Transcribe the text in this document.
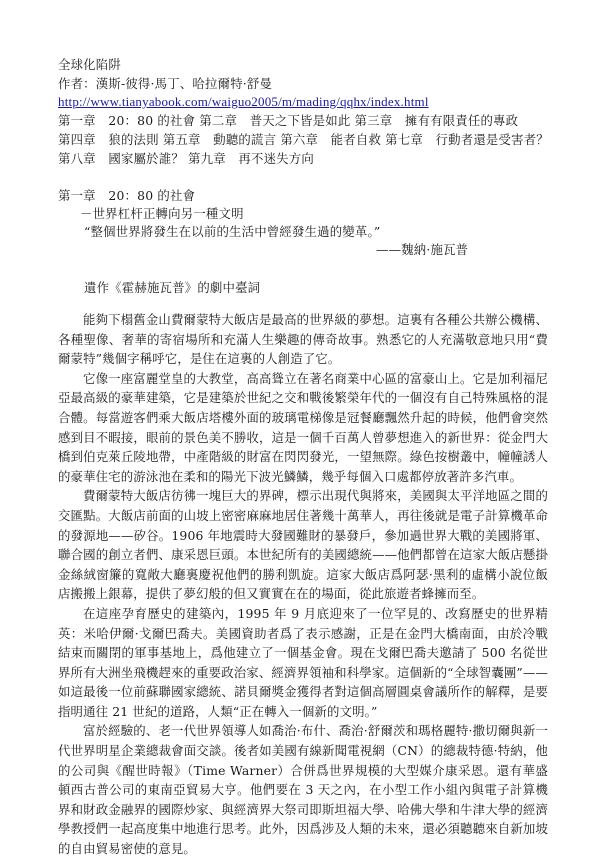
全球化陷阱
作者：漢斯-彼得·馬丁、哈拉爾特·舒曼
http://www.tianyabook.com/waiguo2005/m/mading/qqhx/index.html
第一章　20：80 的社會 第二章　普天之下皆是如此 第三章　擁有有限責任的專政
第四章　狼的法則 第五章　動聽的謊言 第六章　能者自救 第七章　行動者還是受害者？
第八章　國家屬於誰？ 第九章　再不迷失方向
第一章　20：80 的社會
－世界杠杆正轉向另一種文明
“整個世界將發生在以前的生活中曾經發生過的變革。”
——魏納·施瓦普
遺作《霍赫施瓦普》的劇中臺詞

能夠下榻舊金山費爾蒙特大飯店是最高的世界級的夢想。這裏有各種公共辦公機構、各種聖像、奢華的寄宿場所和充滿人生樂趣的傳奇故事。熟悉它的人充滿敬意地只用“費爾蒙特”幾個字稱呼它，是住在這裏的人創造了它。

它像一座富麗堂皇的大教堂，高高聳立在著名商業中心區的富豪山上。它是加利福尼亞最高級的豪華建築，它是建築於世紀之交和戰後繁榮年代的一個沒有自己特殊風格的混合體。每當遊客們乘大飯店塔樓外面的玻璃電梯像是冠餐廳飄然升起的時候，他們會突然感到目不暇接，眼前的景色美不勝收，這是一個千百萬人曾夢想進入的新世界：從金門大橋到伯克萊丘陵地帶，中產階級的財富在閃閃發光，一望無際。綠色按樹叢中，幢幢誘人的豪華住宅的游泳池在柔和的陽光下波光鱗鱗，幾乎每個入口處都停放著許多汽車。

費爾蒙特大飯店彷彿一塊巨大的界碑，標示出現代與將來，美國與太平洋地區之間的交匯點。大飯店前面的山坡上密密麻麻地居住著幾十萬華人，再往後就是電子計算機革命的發源地——矽谷。1906 年地震時大發國難財的暴發戶，參加過世界大戰的美國將軍、聯合國的創立者們、康采恩巨頭。本世紀所有的美國總統——他們都曾在這家大飯店懸掛金絲絨窗簾的寬敞大廳裏慶祝他們的勝利凱旋。這家大飯店爲阿瑟·黑利的虛構小說位飯店搬搬上銀幕，提供了夢幻般的但又實實在在的場面，從此旅遊者蜂擁而至。

在這座孕育歷史的建築內，1995 年 9 月底迎來了一位罕見的、改寫歷史的世界精英：米哈伊爾·戈爾巴喬夫。美國資助者爲了表示感謝，正是在金門大橋南面，由於冷戰結束而關閉的軍事基地上，爲他建立了一個基金會。現在戈爾巴喬夫邀請了 500 名從世界所有大洲坐飛機趕來的重要政治家、經濟界領袖和科學家。這個新的“全球智囊團”——如這最後一位前蘇聯國家總統、諾貝爾獎金獲得者對這個高層圓桌會議所作的解釋，是要指明通往 21 世紀的道路，人類“正在轉入一個新的文明。”

富於經驗的、老一代世界領導人如喬治·布什、喬治·舒爾茨和瑪格麗特·撒切爾與新一代世界明星企業總裁會面交談。後者如美國有線新聞電視網（CN）的總裁特德·特納，他的公司與《醒世時報》（Time Warner）合併爲世界規模的大型媒介康采恩。還有華盛頓西古普公司的東南亞貿易大亨。他們要在 3 天之內，在小型工作小組內與電子計算機界和財政金融界的國際炒家、與經濟界大祭司即斯坦福大學、哈佛大學和牛津大學的經濟學教授們一起高度集中地進行思考。此外，因爲涉及人類的未來，還必須聽聽來自新加坡的自由貿易密使的意見。
